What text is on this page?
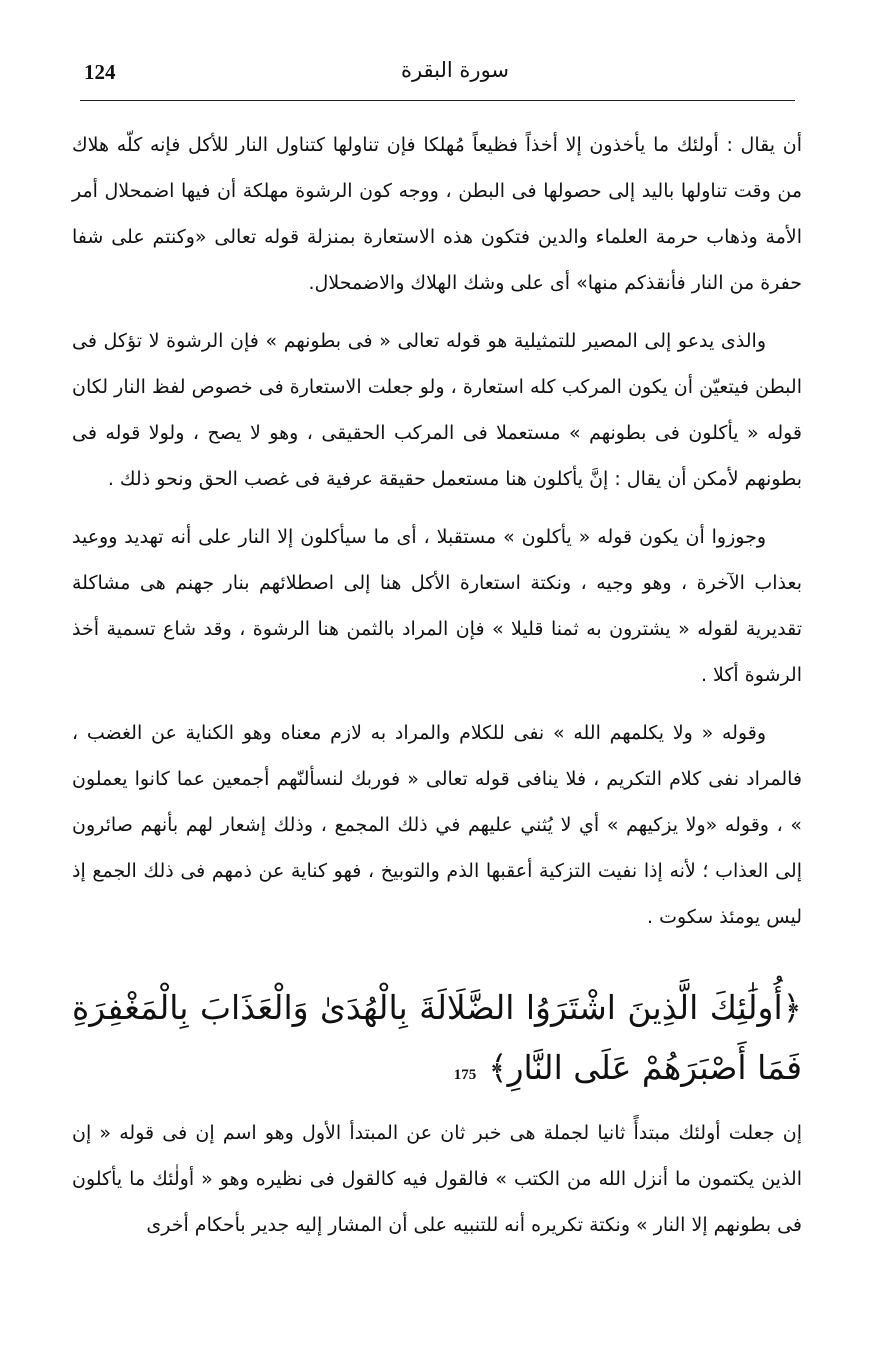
124	سورة البقرة

أن يقال : أولئك ما يأخذون إلا أخذاً فظيعاً مُهلكا فإن تناولها كتناول النار للأكل فإنه كلّه هلاك من وقت تناولها باليد إلى حصولها فى البطن ، ووجه كون الرشوة مهلكة أن فيها اضمحلال أمر الأمة وذهاب حرمة العلماء والدين فتكون هذه الاستعارة بمنزلة قوله تعالى «وكنتم على شفا حفرة من النار فأنقذكم منها» أى على وشك الهلاك والاضمحلال.

والذى يدعو إلى المصير للتمثيلية هو قوله تعالى « فى بطونهم » فإن الرشوة لا تؤكل فى البطن فيتعيّن أن يكون المركب كله استعارة ، ولو جعلت الاستعارة فى خصوص لفظ النار لكان قوله « يأكلون فى بطونهم » مستعملا فى المركب الحقيقى ، وهو لا يصح ، ولولا قوله فى بطونهم لأمكن أن يقال : إنَّ يأكلون هنا مستعمل حقيقة عرفية فى غصب الحق ونحو ذلك .

وجوزوا أن يكون قوله « يأكلون » مستقبلا ، أى ما سيأكلون إلا النار على أنه تهديد ووعيد بعذاب الآخرة ، وهو وجيه ، ونكتة استعارة الأكل هنا إلى اصطلائهم بنار جهنم هى مشاكلة تقديرية لقوله « يشترون به ثمنا قليلا » فإن المراد بالثمن هنا الرشوة ، وقد شاع تسمية أخذ الرشوة أكلا .

وقوله « ولا يكلمهم الله » نفى للكلام والمراد به لازم معناه وهو الكناية عن الغضب ، فالمراد نفى كلام التكريم ، فلا ينافى قوله تعالى « فوربك لنسألنّهم أجمعين عما كانوا يعملون » ، وقوله «ولا يزكيهم » أي لا يُثني عليهم في ذلك المجمع ، وذلك إشعار لهم بأنهم صائرون إلى العذاب ؛ لأنه إذا نفيت التزكية أعقبها الذم والتوبيخ ، فهو كناية عن ذمهم فى ذلك الجمع إذ ليس يومئذ سكوت .

﴿أُولَٰئِكَ الَّذِينَ اشْتَرَوُا الضَّلَالَةَ بِالْهُدَىٰ وَالْعَذَابَ بِالْمَغْفِرَةِ فَمَا أَصْبَرَهُمْ عَلَى النَّارِ﴾175

إن جعلت أولئك مبتدأً ثانيا لجملة هى خبر ثان عن المبتدأ الأول وهو اسم إن فى قوله « إن الذين يكتمون ما أنزل الله من الكتب » فالقول فيه كالقول فى نظيره وهو « أولٰئك ما يأكلون فى بطونهم إلا النار » ونكتة تكريره أنه للتنبيه على أن المشار إليه جدير بأحكام أخرى
